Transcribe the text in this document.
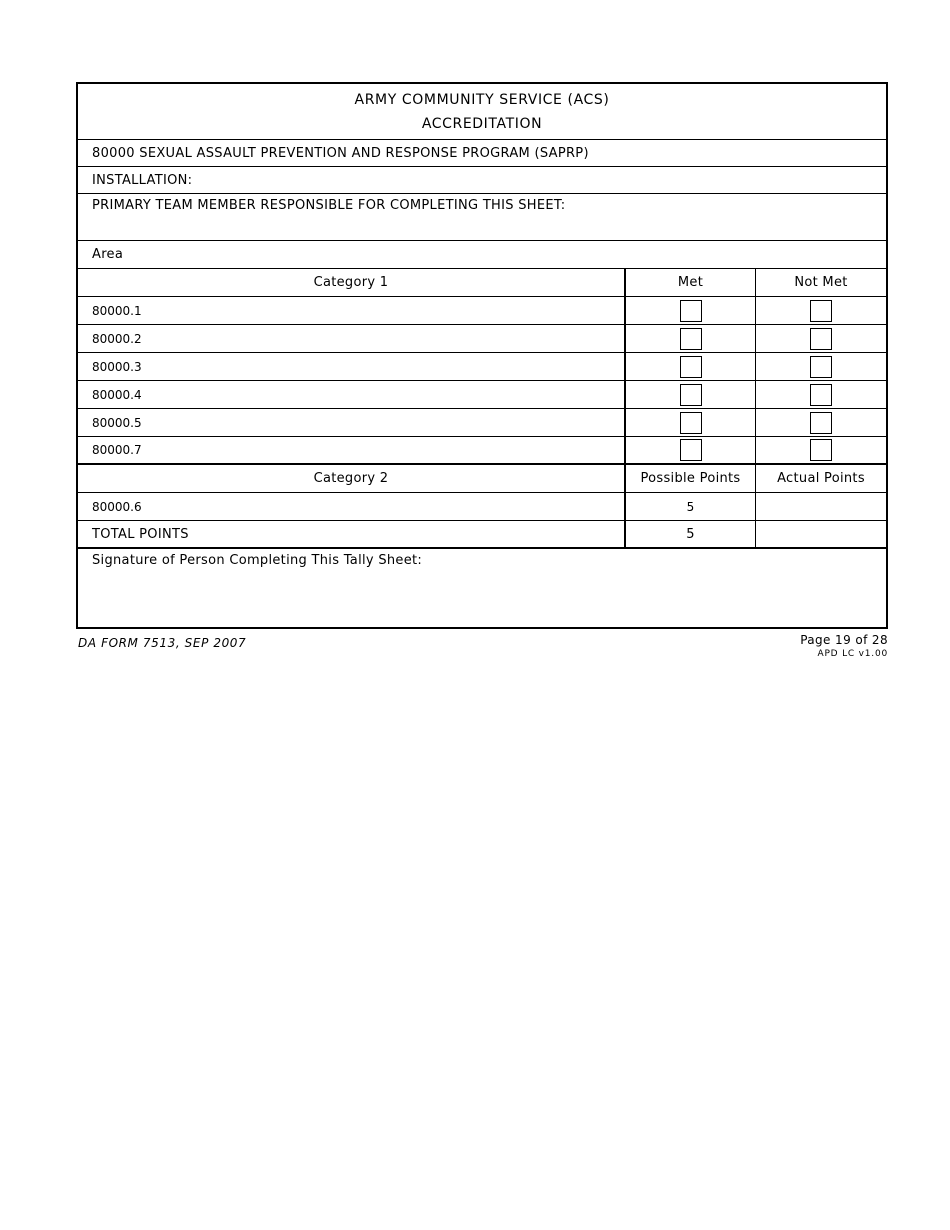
ARMY COMMUNITY SERVICE (ACS)
ACCREDITATION
80000 SEXUAL ASSAULT PREVENTION AND RESPONSE PROGRAM (SAPRP)
INSTALLATION:
PRIMARY TEAM MEMBER RESPONSIBLE FOR COMPLETING THIS SHEET:
Area
Category 1	Met	Not Met
80000.1
80000.2
80000.3
80000.4
80000.5
80000.7
Category 2	Possible Points	Actual Points
80000.6	5
TOTAL POINTS	5
Signature of Person Completing This Tally Sheet:
DA FORM 7513, SEP 2007	Page 19 of 28
APD LC v1.00
